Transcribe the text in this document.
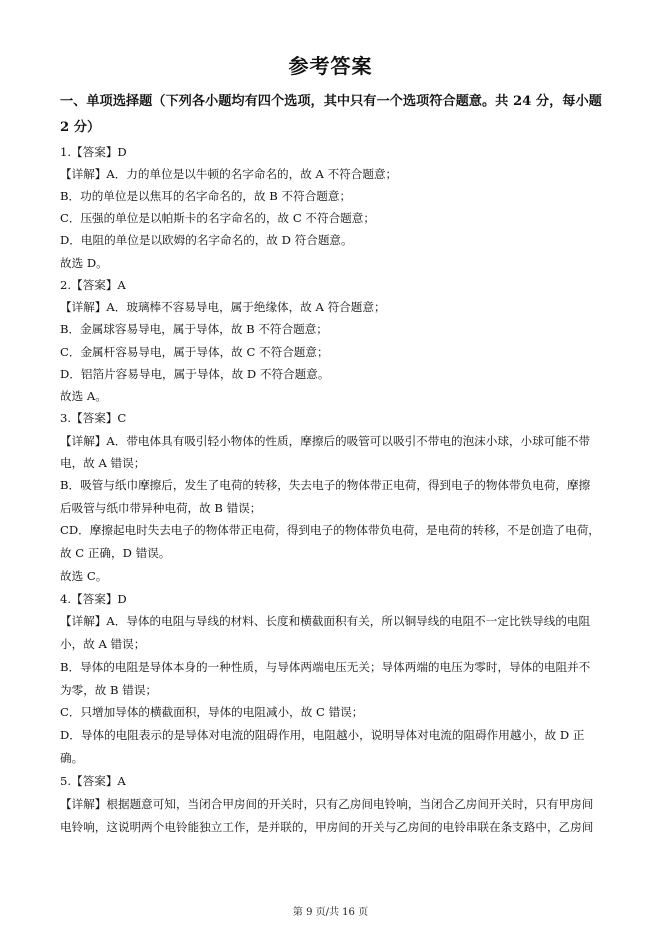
参考答案
一、单项选择题（下列各小题均有四个选项，其中只有一个选项符合题意。共 24 分，每小题
2 分）
1.【答案】D
【详解】A．力的单位是以牛顿的名字命名的，故 A 不符合题意；
B．功的单位是以焦耳的名字命名的，故 B 不符合题意；
C．压强的单位是以帕斯卡的名字命名的，故 C 不符合题意；
D．电阻的单位是以欧姆的名字命名的，故 D 符合题意。
故选 D。
2.【答案】A
【详解】A．玻璃棒不容易导电，属于绝缘体，故 A 符合题意；
B．金属球容易导电，属于导体，故 B 不符合题意；
C．金属杆容易导电，属于导体，故 C 不符合题意；
D．铝箔片容易导电，属于导体，故 D 不符合题意。
故选 A。
3.【答案】C
【详解】A．带电体具有吸引轻小物体的性质，摩擦后的吸管可以吸引不带电的泡沫小球，小球可能不带
电，故 A 错误；
B．吸管与纸巾摩擦后，发生了电荷的转移，失去电子的物体带正电荷，得到电子的物体带负电荷，摩擦
后吸管与纸巾带异种电荷，故 B 错误；
CD．摩擦起电时失去电子的物体带正电荷，得到电子的物体带负电荷，是电荷的转移，不是创造了电荷，
故 C 正确，D 错误。
故选 C。
4.【答案】D
【详解】A．导体的电阻与导线的材料、长度和横截面积有关，所以铜导线的电阻不一定比铁导线的电阻
小，故 A 错误；
B．导体的电阻是导体本身的一种性质，与导体两端电压无关；导体两端的电压为零时，导体的电阻并不
为零，故 B 错误；
C．只增加导体的横截面积，导体的电阻减小，故 C 错误；
D．导体的电阻表示的是导体对电流的阻碍作用，电阻越小，说明导体对电流的阻碍作用越小，故 D 正
确。
5.【答案】A
【详解】根据题意可知，当闭合甲房间的开关时，只有乙房间电铃响，当闭合乙房间开关时，只有甲房间
电铃响，这说明两个电铃能独立工作，是并联的，甲房间的开关与乙房间的电铃串联在条支路中，乙房间
第 9 页/共 16 页
